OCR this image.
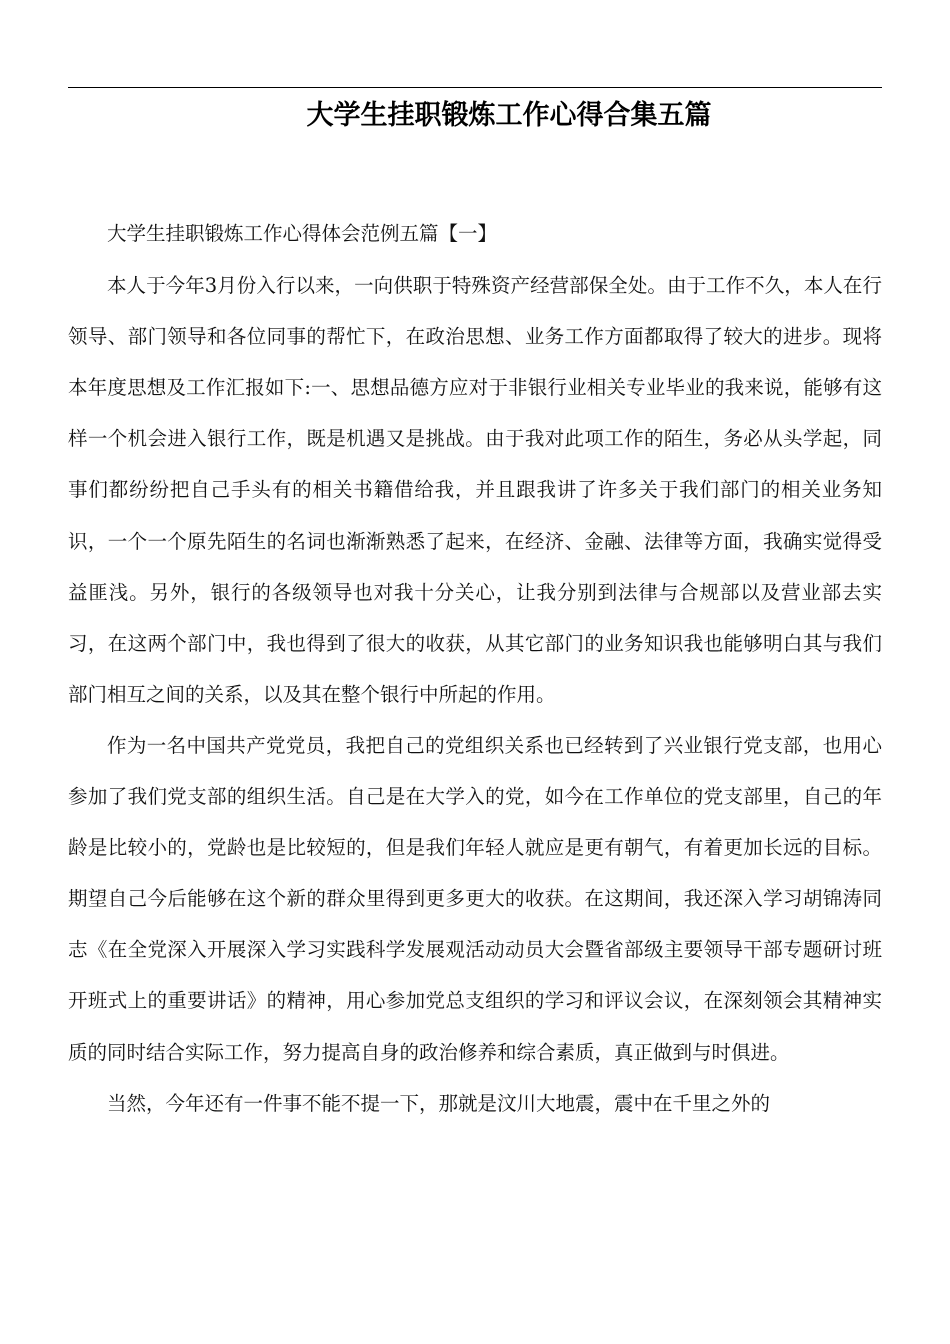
大学生挂职锻炼工作心得合集五篇

大学生挂职锻炼工作心得体会范例五篇【一】

本人于今年3月份入行以来，一向供职于特殊资产经营部保全处。由于工作不久，本人在行领导、部门领导和各位同事的帮忙下，在政治思想、业务工作方面都取得了较大的进步。现将本年度思想及工作汇报如下:一、思想品德方应对于非银行业相关专业毕业的我来说，能够有这样一个机会进入银行工作，既是机遇又是挑战。由于我对此项工作的陌生，务必从头学起，同事们都纷纷把自己手头有的相关书籍借给我，并且跟我讲了许多关于我们部门的相关业务知识，一个一个原先陌生的名词也渐渐熟悉了起来，在经济、金融、法律等方面，我确实觉得受益匪浅。另外，银行的各级领导也对我十分关心，让我分别到法律与合规部以及营业部去实习，在这两个部门中，我也得到了很大的收获，从其它部门的业务知识我也能够明白其与我们部门相互之间的关系，以及其在整个银行中所起的作用。

作为一名中国共产党党员，我把自己的党组织关系也已经转到了兴业银行党支部，也用心参加了我们党支部的组织生活。自己是在大学入的党，如今在工作单位的党支部里，自己的年龄是比较小的，党龄也是比较短的，但是我们年轻人就应是更有朝气，有着更加长远的目标。期望自己今后能够在这个新的群众里得到更多更大的收获。在这期间，我还深入学习胡锦涛同志《在全党深入开展深入学习实践科学发展观活动动员大会暨省部级主要领导干部专题研讨班开班式上的重要讲话》的精神，用心参加党总支组织的学习和评议会议，在深刻领会其精神实质的同时结合实际工作，努力提高自身的政治修养和综合素质，真正做到与时俱进。

当然，今年还有一件事不能不提一下，那就是汶川大地震，震中在千里之外的
